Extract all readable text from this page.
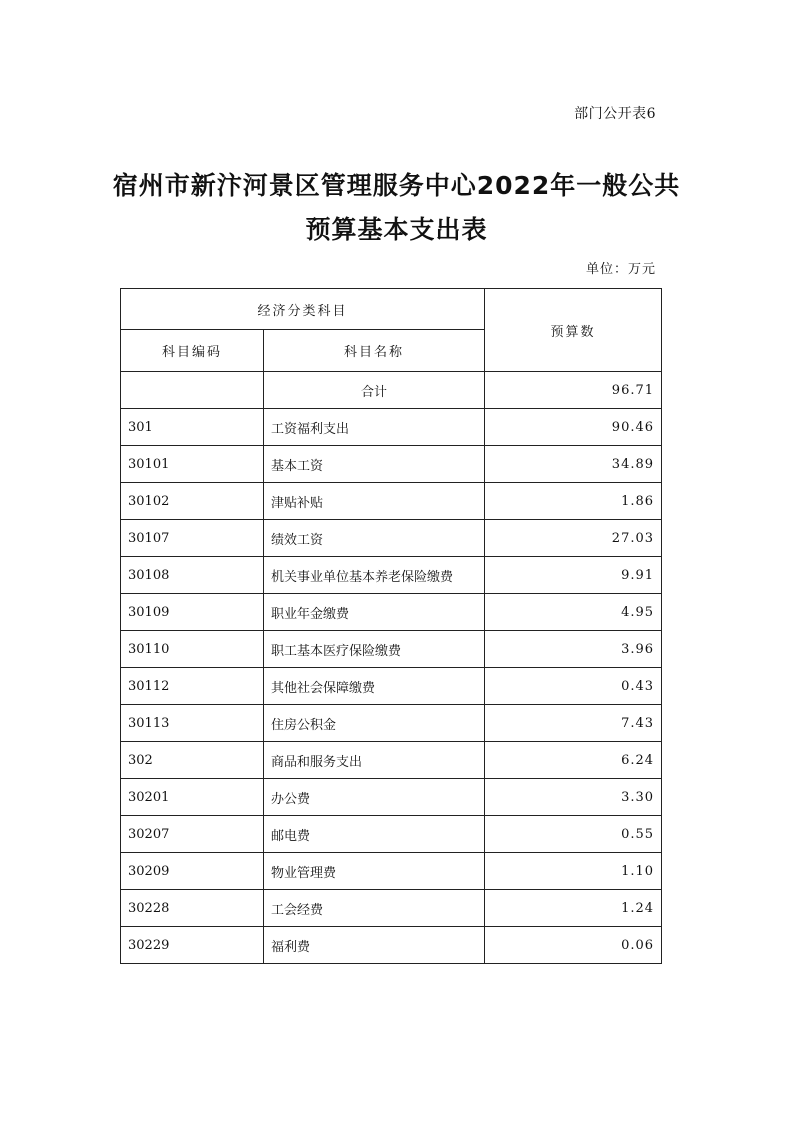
部门公开表6
宿州市新汴河景区管理服务中心2022年一般公共
预算基本支出表
单位：万元
经济分类科目		预算数
科目编码	科目名称	
	合计	96.71
301	工资福利支出	90.46
30101	基本工资	34.89
30102	津贴补贴	1.86
30107	绩效工资	27.03
30108	机关事业单位基本养老保险缴费	9.91
30109	职业年金缴费	4.95
30110	职工基本医疗保险缴费	3.96
30112	其他社会保障缴费	0.43
30113	住房公积金	7.43
302	商品和服务支出	6.24
30201	办公费	3.30
30207	邮电费	0.55
30209	物业管理费	1.10
30228	工会经费	1.24
30229	福利费	0.06
